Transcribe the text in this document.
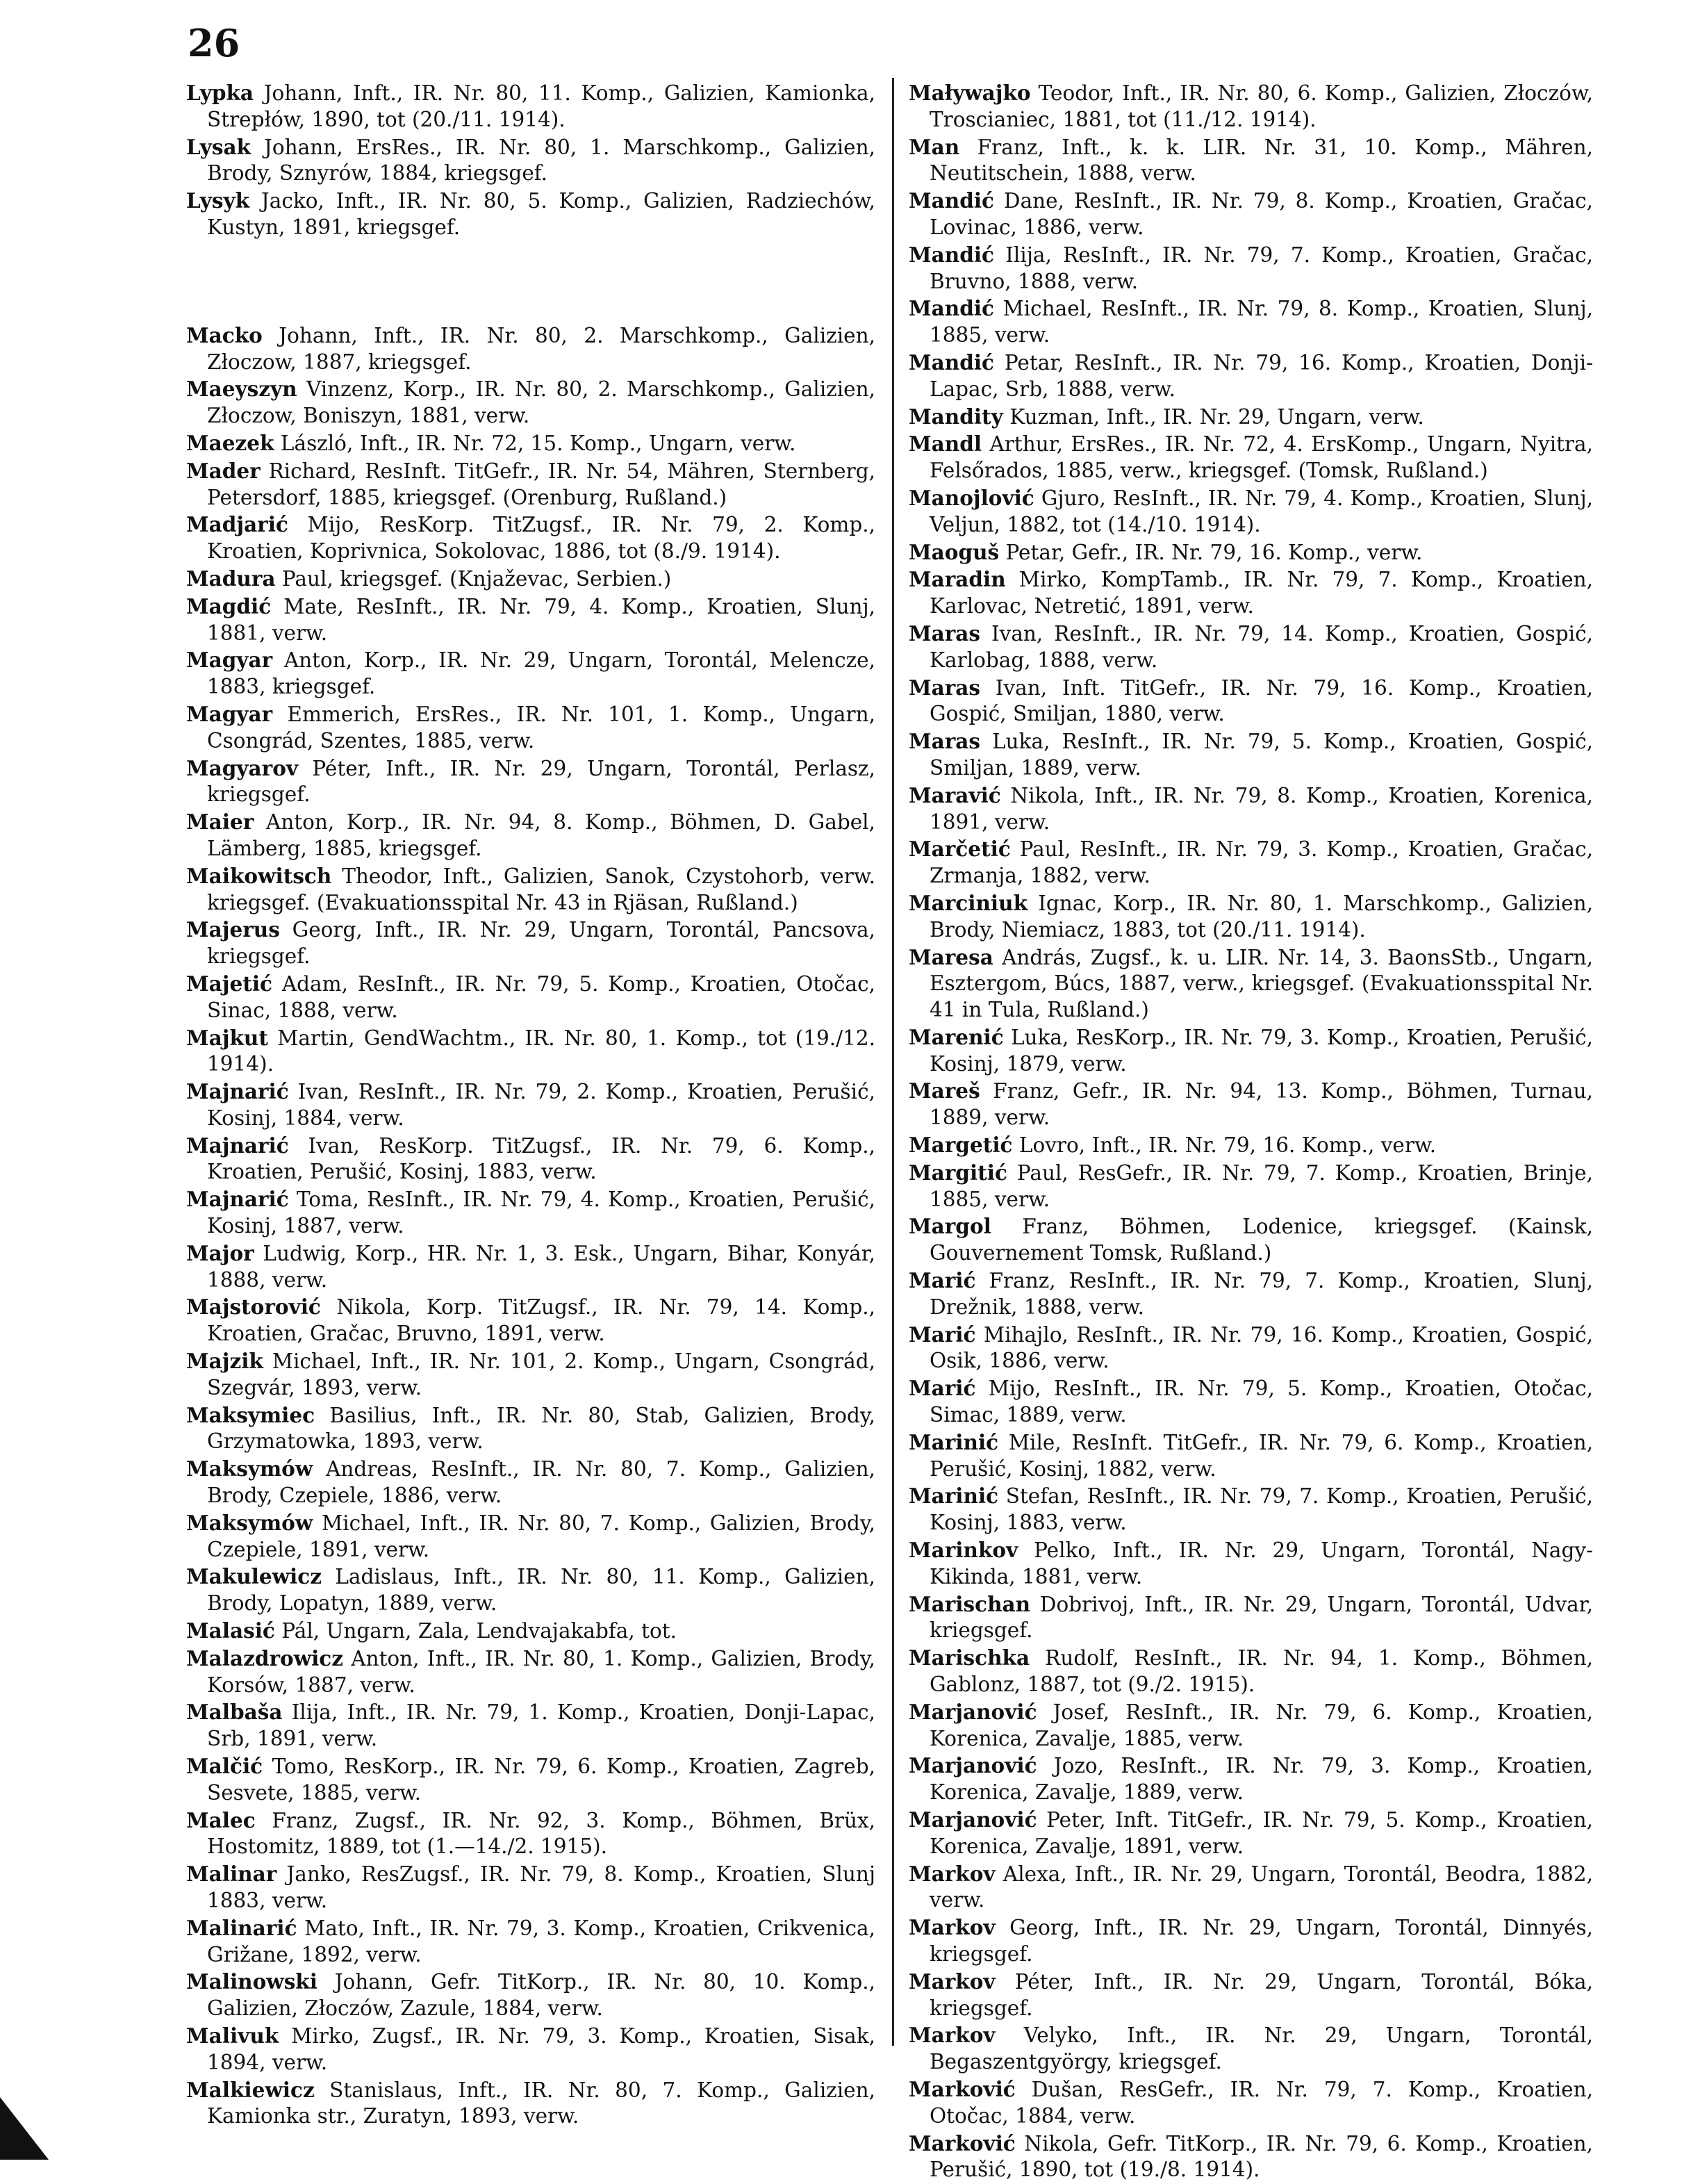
26
Lypka Johann, Inft., IR. Nr. 80, 11. Komp., Galizien, Kamionka, Strepłów, 1890, tot (20./11. 1914).
Lysak Johann, ErsRes., IR. Nr. 80, 1. Marschkomp., Galizien, Brody, Sznyrów, 1884, kriegsgef.
Lysyk Jacko, Inft., IR. Nr. 80, 5. Komp., Galizien, Radziechów, Kustyn, 1891, kriegsgef.
Macko Johann, Inft., IR. Nr. 80, 2. Marschkomp., Galizien, Złoczow, 1887, kriegsgef.
Maeyszyn Vinzenz, Korp., IR. Nr. 80, 2. Marschkomp., Galizien, Złoczow, Boniszyn, 1881, verw.
Maezek László, Inft., IR. Nr. 72, 15. Komp., Ungarn, verw.
Mader Richard, ResInft. TitGefr., IR. Nr. 54, Mähren, Sternberg, Petersdorf, 1885, kriegsgef. (Orenburg, Rußland.)
Madjarić Mijo, ResKorp. TitZugsf., IR. Nr. 79, 2. Komp., Kroatien, Koprivnica, Sokolovac, 1886, tot (8./9. 1914).
Madura Paul, kriegsgef. (Knjaževac, Serbien.)
Magdić Mate, ResInft., IR. Nr. 79, 4. Komp., Kroatien, Slunj, 1881, verw.
Magyar Anton, Korp., IR. Nr. 29, Ungarn, Torontál, Melencze, 1883, kriegsgef.
Magyar Emmerich, ErsRes., IR. Nr. 101, 1. Komp., Ungarn, Csongrád, Szentes, 1885, verw.
Magyarov Péter, Inft., IR. Nr. 29, Ungarn, Torontál, Perlasz, kriegsgef.
Maier Anton, Korp., IR. Nr. 94, 8. Komp., Böhmen, D. Gabel, Lämberg, 1885, kriegsgef.
Maikowitsch Theodor, Inft., Galizien, Sanok, Czystohorb, verw. kriegsgef. (Evakuationsspital Nr. 43 in Rjäsan, Rußland.)
Majerus Georg, Inft., IR. Nr. 29, Ungarn, Torontál, Pancsova, kriegsgef.
Majetić Adam, ResInft., IR. Nr. 79, 5. Komp., Kroatien, Otočac, Sinac, 1888, verw.
Majkut Martin, GendWachtm., IR. Nr. 80, 1. Komp., tot (19./12. 1914).
Majnarić Ivan, ResInft., IR. Nr. 79, 2. Komp., Kroatien, Perušić, Kosinj, 1884, verw.
Majnarić Ivan, ResKorp. TitZugsf., IR. Nr. 79, 6. Komp., Kroatien, Perušić, Kosinj, 1883, verw.
Majnarić Toma, ResInft., IR. Nr. 79, 4. Komp., Kroatien, Perušić, Kosinj, 1887, verw.
Major Ludwig, Korp., HR. Nr. 1, 3. Esk., Ungarn, Bihar, Konyár, 1888, verw.
Majstorović Nikola, Korp. TitZugsf., IR. Nr. 79, 14. Komp., Kroatien, Gračac, Bruvno, 1891, verw.
Majzik Michael, Inft., IR. Nr. 101, 2. Komp., Ungarn, Csongrád, Szegvár, 1893, verw.
Maksymiec Basilius, Inft., IR. Nr. 80, Stab, Galizien, Brody, Grzymatowka, 1893, verw.
Maksymów Andreas, ResInft., IR. Nr. 80, 7. Komp., Galizien, Brody, Czepiele, 1886, verw.
Maksymów Michael, Inft., IR. Nr. 80, 7. Komp., Galizien, Brody, Czepiele, 1891, verw.
Makulewicz Ladislaus, Inft., IR. Nr. 80, 11. Komp., Galizien, Brody, Lopatyn, 1889, verw.
Malasić Pál, Ungarn, Zala, Lendvajakabfa, tot.
Malazdrowicz Anton, Inft., IR. Nr. 80, 1. Komp., Galizien, Brody, Korsów, 1887, verw.
Malbaša Ilija, Inft., IR. Nr. 79, 1. Komp., Kroatien, Donji-Lapac, Srb, 1891, verw.
Malčić Tomo, ResKorp., IR. Nr. 79, 6. Komp., Kroatien, Zagreb, Sesvete, 1885, verw.
Malec Franz, Zugsf., IR. Nr. 92, 3. Komp., Böhmen, Brüx, Hostomitz, 1889, tot (1.—14./2. 1915).
Malinar Janko, ResZugsf., IR. Nr. 79, 8. Komp., Kroatien, Slunj 1883, verw.
Malinarić Mato, Inft., IR. Nr. 79, 3. Komp., Kroatien, Crikvenica, Grižane, 1892, verw.
Malinowski Johann, Gefr. TitKorp., IR. Nr. 80, 10. Komp., Galizien, Złoczów, Zazule, 1884, verw.
Malivuk Mirko, Zugsf., IR. Nr. 79, 3. Komp., Kroatien, Sisak, 1894, verw.
Malkiewicz Stanislaus, Inft., IR. Nr. 80, 7. Komp., Galizien, Kamionka str., Zuratyn, 1893, verw.
Maływajko Teodor, Inft., IR. Nr. 80, 6. Komp., Galizien, Złoczów, Troscianiec, 1881, tot (11./12. 1914).
Man Franz, Inft., k. k. LIR. Nr. 31, 10. Komp., Mähren, Neutitschein, 1888, verw.
Mandić Dane, ResInft., IR. Nr. 79, 8. Komp., Kroatien, Gračac, Lovinac, 1886, verw.
Mandić Ilija, ResInft., IR. Nr. 79, 7. Komp., Kroatien, Gračac, Bruvno, 1888, verw.
Mandić Michael, ResInft., IR. Nr. 79, 8. Komp., Kroatien, Slunj, 1885, verw.
Mandić Petar, ResInft., IR. Nr. 79, 16. Komp., Kroatien, Donji-Lapac, Srb, 1888, verw.
Mandity Kuzman, Inft., IR. Nr. 29, Ungarn, verw.
Mandl Arthur, ErsRes., IR. Nr. 72, 4. ErsKomp., Ungarn, Nyitra, Felsőrados, 1885, verw., kriegsgef. (Tomsk, Rußland.)
Manojlović Gjuro, ResInft., IR. Nr. 79, 4. Komp., Kroatien, Slunj, Veljun, 1882, tot (14./10. 1914).
Maoguš Petar, Gefr., IR. Nr. 79, 16. Komp., verw.
Maradin Mirko, KompTamb., IR. Nr. 79, 7. Komp., Kroatien, Karlovac, Netretić, 1891, verw.
Maras Ivan, ResInft., IR. Nr. 79, 14. Komp., Kroatien, Gospić, Karlobag, 1888, verw.
Maras Ivan, Inft. TitGefr., IR. Nr. 79, 16. Komp., Kroatien, Gospić, Smiljan, 1880, verw.
Maras Luka, ResInft., IR. Nr. 79, 5. Komp., Kroatien, Gospić, Smiljan, 1889, verw.
Maravić Nikola, Inft., IR. Nr. 79, 8. Komp., Kroatien, Korenica, 1891, verw.
Marčetić Paul, ResInft., IR. Nr. 79, 3. Komp., Kroatien, Gračac, Zrmanja, 1882, verw.
Marciniuk Ignac, Korp., IR. Nr. 80, 1. Marschkomp., Galizien, Brody, Niemiacz, 1883, tot (20./11. 1914).
Maresa András, Zugsf., k. u. LIR. Nr. 14, 3. BaonsStb., Ungarn, Esztergom, Búcs, 1887, verw., kriegsgef. (Evakuationsspital Nr. 41 in Tula, Rußland.)
Marenić Luka, ResKorp., IR. Nr. 79, 3. Komp., Kroatien, Perušić, Kosinj, 1879, verw.
Mareš Franz, Gefr., IR. Nr. 94, 13. Komp., Böhmen, Turnau, 1889, verw.
Margetić Lovro, Inft., IR. Nr. 79, 16. Komp., verw.
Margitić Paul, ResGefr., IR. Nr. 79, 7. Komp., Kroatien, Brinje, 1885, verw.
Margol Franz, Böhmen, Lodenice, kriegsgef. (Kainsk, Gouvernement Tomsk, Rußland.)
Marić Franz, ResInft., IR. Nr. 79, 7. Komp., Kroatien, Slunj, Drežnik, 1888, verw.
Marić Mihajlo, ResInft., IR. Nr. 79, 16. Komp., Kroatien, Gospić, Osik, 1886, verw.
Marić Mijo, ResInft., IR. Nr. 79, 5. Komp., Kroatien, Otočac, Simac, 1889, verw.
Marinić Mile, ResInft. TitGefr., IR. Nr. 79, 6. Komp., Kroatien, Perušić, Kosinj, 1882, verw.
Marinić Stefan, ResInft., IR. Nr. 79, 7. Komp., Kroatien, Perušić, Kosinj, 1883, verw.
Marinkov Pelko, Inft., IR. Nr. 29, Ungarn, Torontál, Nagy-Kikinda, 1881, verw.
Marischan Dobrivoj, Inft., IR. Nr. 29, Ungarn, Torontál, Udvar, kriegsgef.
Marischka Rudolf, ResInft., IR. Nr. 94, 1. Komp., Böhmen, Gablonz, 1887, tot (9./2. 1915).
Marjanović Josef, ResInft., IR. Nr. 79, 6. Komp., Kroatien, Korenica, Zavalje, 1885, verw.
Marjanović Jozo, ResInft., IR. Nr. 79, 3. Komp., Kroatien, Korenica, Zavalje, 1889, verw.
Marjanović Peter, Inft. TitGefr., IR. Nr. 79, 5. Komp., Kroatien, Korenica, Zavalje, 1891, verw.
Markov Alexa, Inft., IR. Nr. 29, Ungarn, Torontál, Beodra, 1882, verw.
Markov Georg, Inft., IR. Nr. 29, Ungarn, Torontál, Dinnyés, kriegsgef.
Markov Péter, Inft., IR. Nr. 29, Ungarn, Torontál, Bóka, kriegsgef.
Markov Velyko, Inft., IR. Nr. 29, Ungarn, Torontál, Begaszentgyörgy, kriegsgef.
Marković Dušan, ResGefr., IR. Nr. 79, 7. Komp., Kroatien, Otočac, 1884, verw.
Marković Nikola, Gefr. TitKorp., IR. Nr. 79, 6. Komp., Kroatien, Perušić, 1890, tot (19./8. 1914).
